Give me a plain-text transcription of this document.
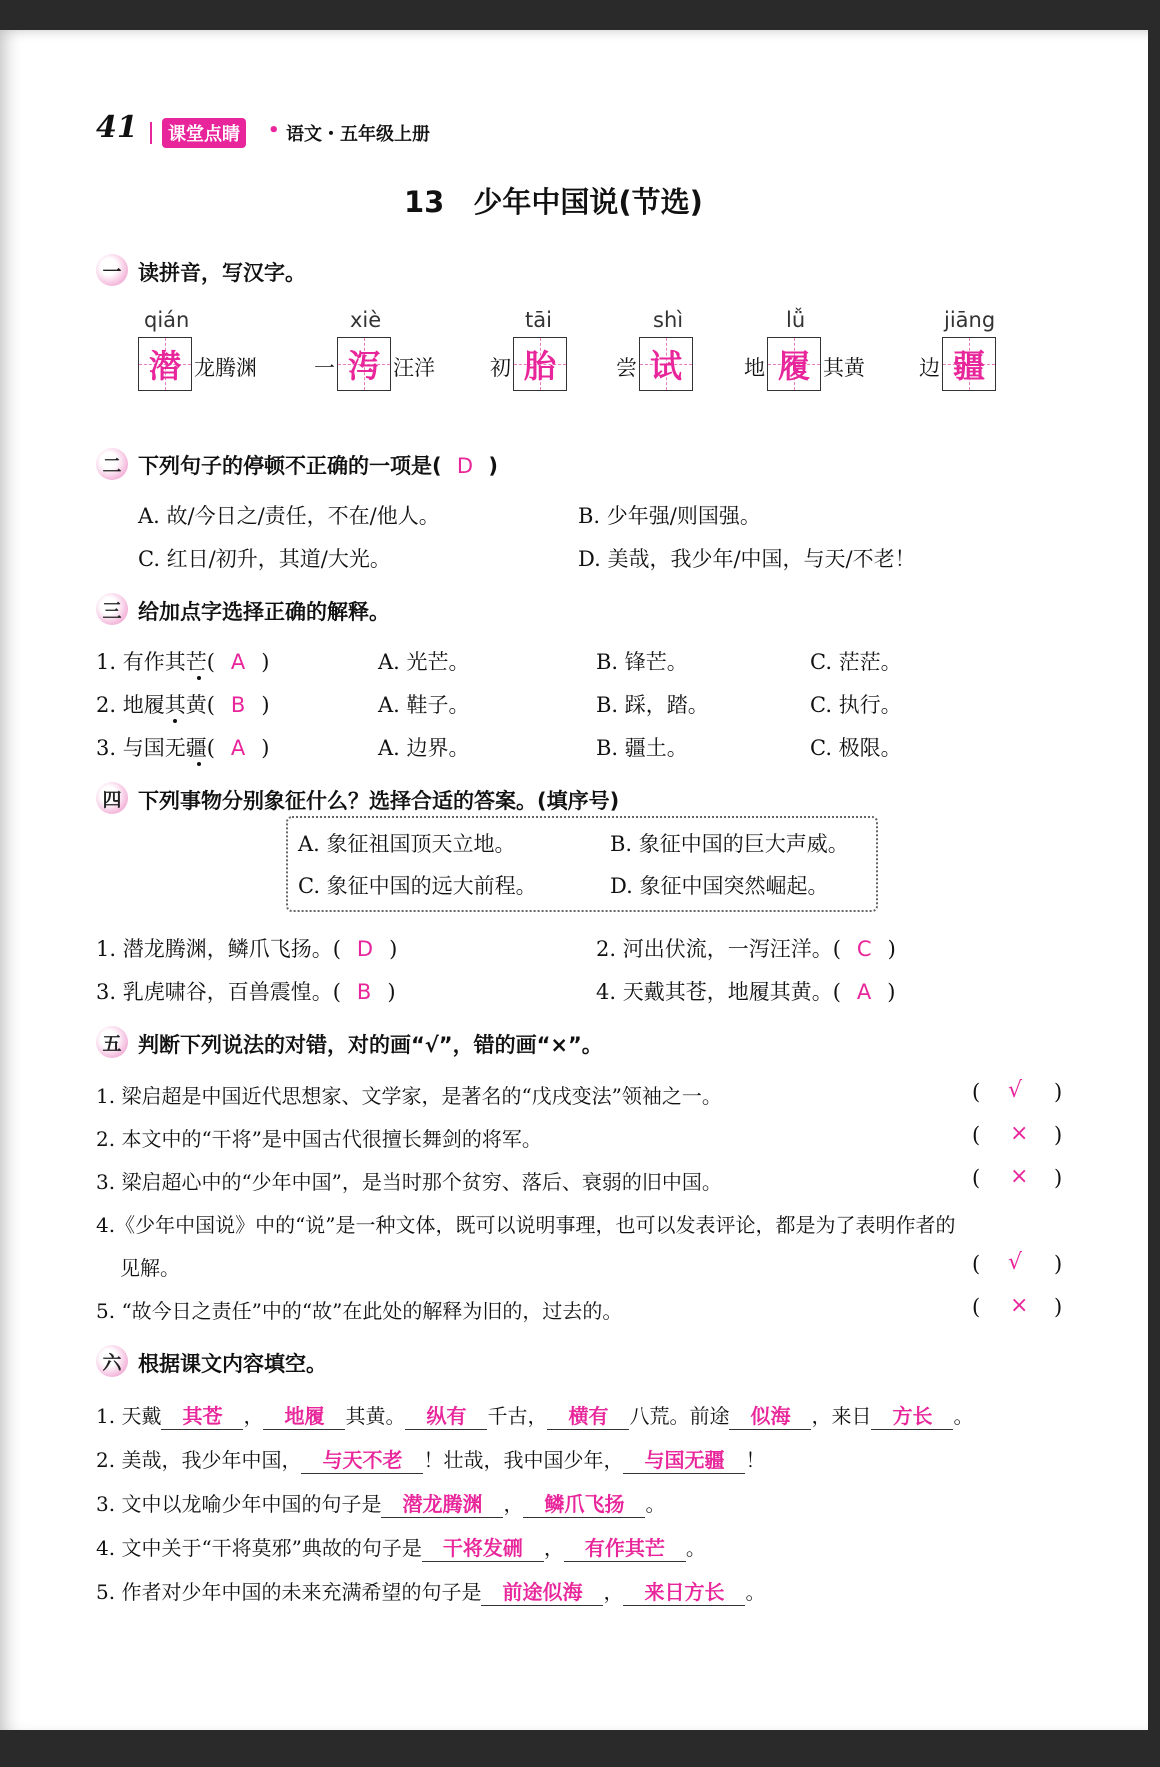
41	课堂点睛	• 语文・五年级上册
13　少年中国说(节选)
一 读拼音，写汉字。
qián
潜 龙腾渊
xiè
一 泻 汪洋
tāi
初 胎
shì
尝 试
lǚ
地 履 其黄
jiāng
边 疆
二 下列句子的停顿不正确的一项是( D )
A. 故/今日之/责任，不在/他人。	B. 少年强/则国强。
C. 红日/初升，其道/大光。	D. 美哉，我少年/中国，与天/不老！
三 给加点字选择正确的解释。
1. 有作其芒( A )	A. 光芒。	B. 锋芒。	C. 茫茫。
2. 地履其黄( B )	A. 鞋子。	B. 踩，踏。	C. 执行。
3. 与国无疆( A )	A. 边界。	B. 疆土。	C. 极限。
四 下列事物分别象征什么？选择合适的答案。(填序号)
A. 象征祖国顶天立地。	B. 象征中国的巨大声威。
C. 象征中国的远大前程。	D. 象征中国突然崛起。
1. 潜龙腾渊，鳞爪飞扬。( D )	2. 河出伏流，一泻汪洋。( C )
3. 乳虎啸谷，百兽震惶。( B )	4. 天戴其苍，地履其黄。( A )
五 判断下列说法的对错，对的画“√”，错的画“×”。
1. 梁启超是中国近代思想家、文学家，是著名的“戊戌变法”领袖之一。	( √ )
2. 本文中的“干将”是中国古代很擅长舞剑的将军。	( × )
3. 梁启超心中的“少年中国”，是当时那个贫穷、落后、衰弱的旧中国。	( × )
4.《少年中国说》中的“说”是一种文体，既可以说明事理，也可以发表评论，都是为了表明作者的
见解。	( √ )
5. “故今日之责任”中的“故”在此处的解释为旧的，过去的。	( × )
六 根据课文内容填空。
1. 天戴 其苍 ， 地履 其黄。 纵有 千古， 横有 八荒。前途 似海 ，来日 方长 。
2. 美哉，我少年中国， 与天不老 ！壮哉，我中国少年， 与国无疆 ！
3. 文中以龙喻少年中国的句子是 潜龙腾渊 ， 鳞爪飞扬 。
4. 文中关于“干将莫邪”典故的句子是 干将发硎 ， 有作其芒 。
5. 作者对少年中国的未来充满希望的句子是 前途似海 ， 来日方长 。
